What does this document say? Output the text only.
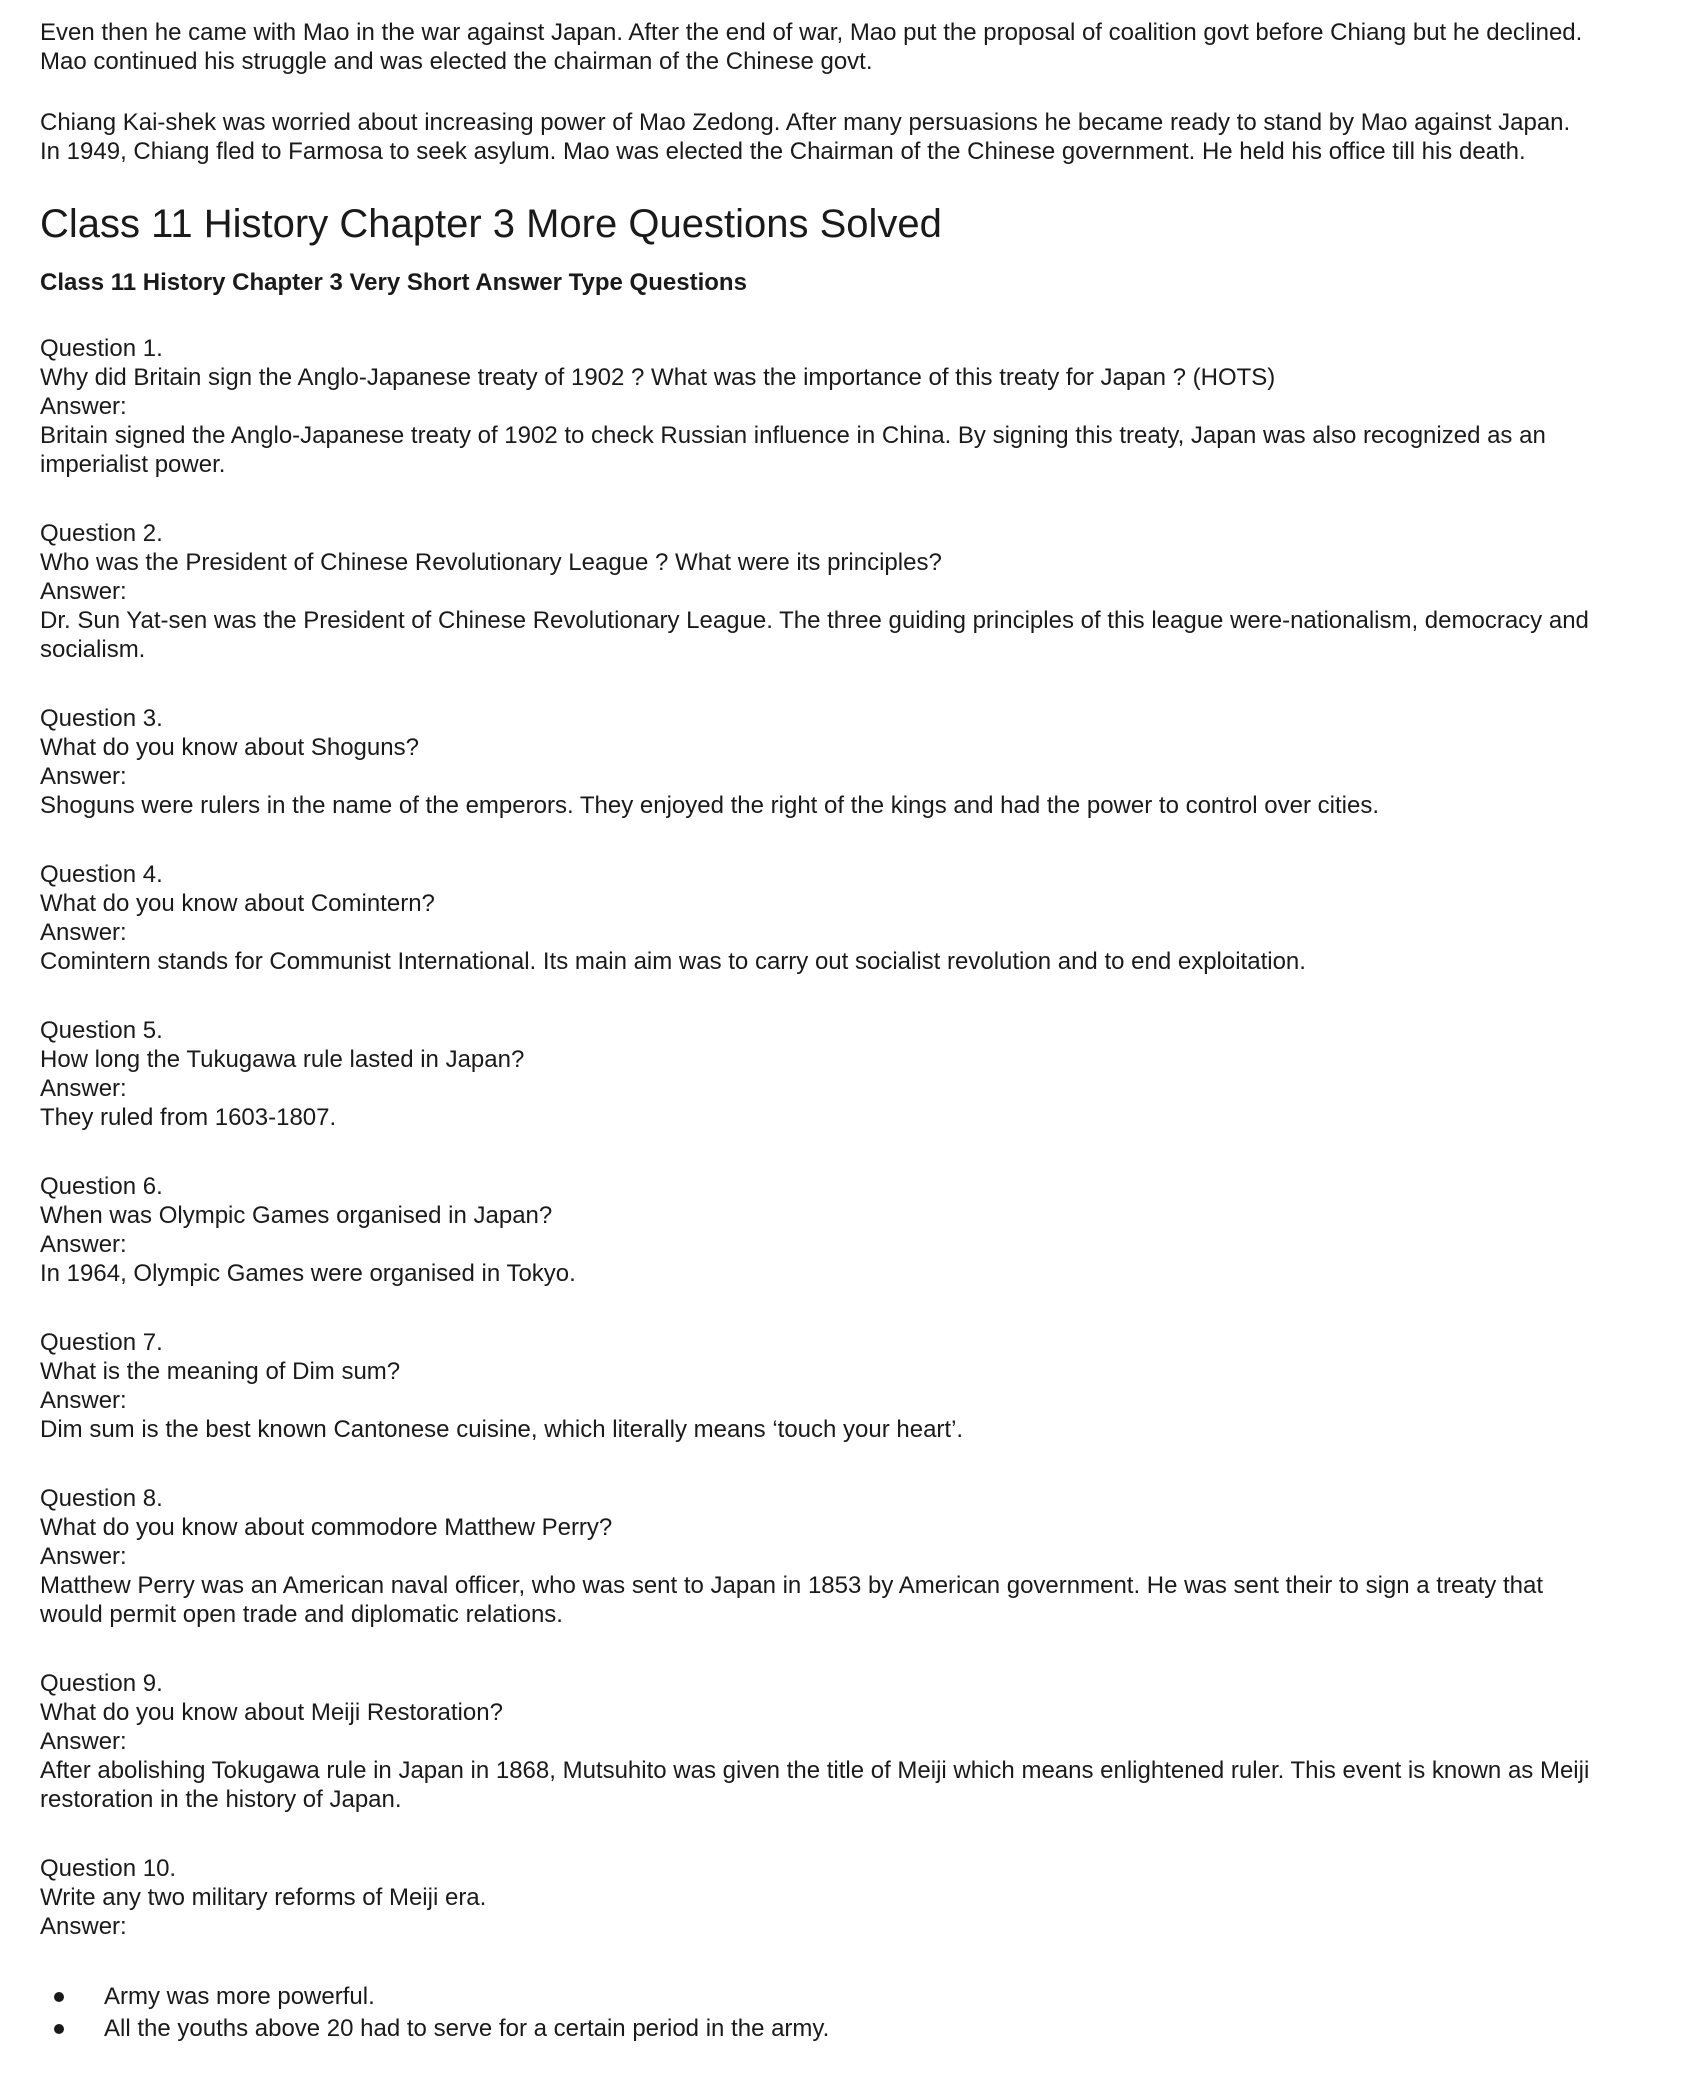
Even then he came with Mao in the war against Japan. After the end of war, Mao put the proposal of coalition govt before Chiang but he declined.
Mao continued his struggle and was elected the chairman of the Chinese govt.

Chiang Kai-shek was worried about increasing power of Mao Zedong. After many persuasions he became ready to stand by Mao against Japan.
In 1949, Chiang fled to Farmosa to seek asylum. Mao was elected the Chairman of the Chinese government. He held his office till his death.

Class 11 History Chapter 3 More Questions Solved
Class 11 History Chapter 3 Very Short Answer Type Questions

Question 1.

Why did Britain sign the Anglo-Japanese treaty of 1902 ? What was the importance of this treaty for Japan ? (HOTS)

Answer:

Britain signed the Anglo-Japanese treaty of 1902 to check Russian influence in China. By signing this treaty, Japan was also recognized as an
imperialist power.

Question 2.

Who was the President of Chinese Revolutionary League ? What were its principles?

Answer:

Dr. Sun Yat-sen was the President of Chinese Revolutionary League. The three guiding principles of this league were-nationalism, democracy and
socialism.

Question 3.

What do you know about Shoguns?

Answer:

Shoguns were rulers in the name of the emperors. They enjoyed the right of the kings and had the power to control over cities.

Question 4.

What do you know about Comintern?

Answer:

Comintern stands for Communist International. Its main aim was to carry out socialist revolution and to end exploitation.

Question 5.

How long the Tukugawa rule lasted in Japan?

Answer:

They ruled from 1603-1807.

Question 6.

When was Olympic Games organised in Japan?

Answer:

In 1964, Olympic Games were organised in Tokyo.

Question 7.

What is the meaning of Dim sum?

Answer:

Dim sum is the best known Cantonese cuisine, which literally means ‘touch your heart’.

Question 8.

What do you know about commodore Matthew Perry?

Answer:

Matthew Perry was an American naval officer, who was sent to Japan in 1853 by American government. He was sent their to sign a treaty that
would permit open trade and diplomatic relations.

Question 9.

What do you know about Meiji Restoration?

Answer:

After abolishing Tokugawa rule in Japan in 1868, Mutsuhito was given the title of Meiji which means enlightened ruler. This event is known as Meiji
restoration in the history of Japan.

Question 10.

Write any two military reforms of Meiji era.

Answer:

Army was more powerful.
All the youths above 20 had to serve for a certain period in the army.
